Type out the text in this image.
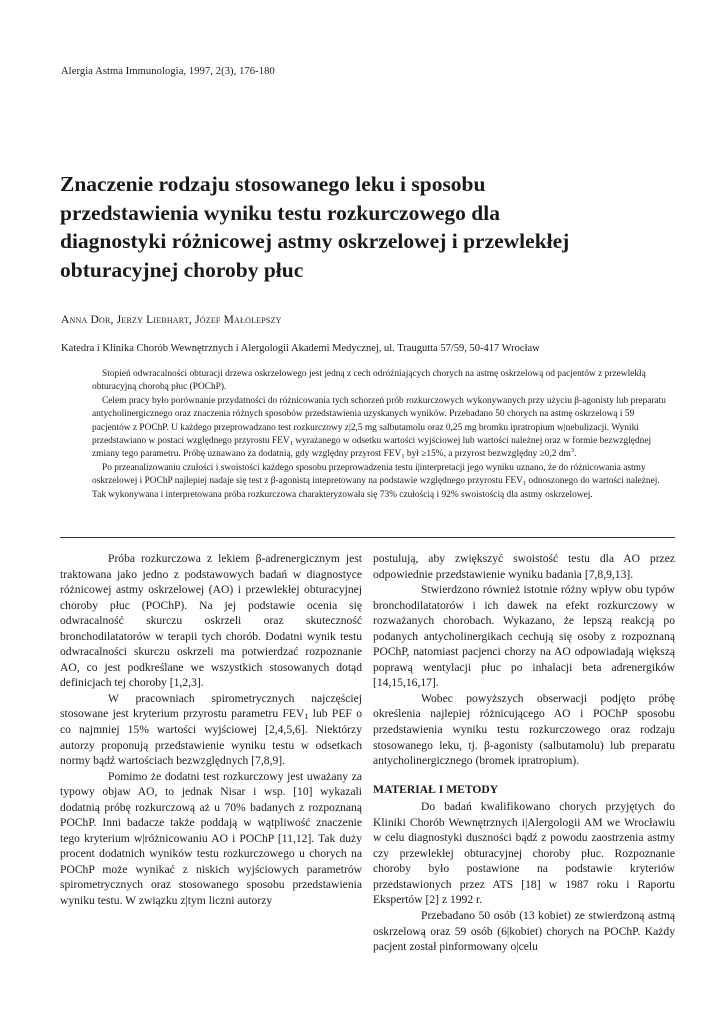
Alergia Astma Immunologia, 1997, 2(3), 176-180
Znaczenie rodzaju stosowanego leku i sposobu
przedstawienia wyniku testu rozkurczowego dla
diagnostyki różnicowej astmy oskrzelowej i przewlekłej
obturacyjnej choroby płuc
Anna Dor, Jerzy Liebhart, Józef Małolepszy
Katedra i Klinika Chorób Wewnętrznych i Alergologii Akademi Medycznej, ul. Traugutta 57/59, 50-417 Wrocław

Stopień odwracalności obturacji drzewa oskrzelowego jest jedną z cech odróżniających chorych na astmę oskrzelową od pacjentów z przewlekłą obturacyjną chorobą płuc (POChP).

Celem pracy było porównanie przydatności do różnicowania tych schorzeń prób rozkurczowych wykonywanych przy użyciu β-agonisty lub preparatu antycholinergicznego oraz znaczenia różnych sposobów przedstawienia uzyskanych wyników. Przebadano 50 chorych na astmę oskrzelową i 59 pacjentów z POChP. U każdego przeprowadzano test rozkurczowy z|2,5 mg salbutamolu oraz 0,25 mg bromku ipratropium w|nebulizacji. Wyniki przedstawiano w postaci względnego przyrostu $FEV_1$ wyrażanego w odsetku wartości wyjściowej lub wartości należnej oraz w formie bezwzględnej zmiany tego parametru. Próbę uznawano za dodatnią, gdy względny przyrost $FEV_1$ był ≥15%, a przyrost bezwzględny ≥0,2 $dm^3$.

Po przeanalizowaniu czułości i swoistości każdego sposobu przeprowadzenia testu i|interpretacji jego wyniku uznano, że do różnicowania astmy oskrzelowej i POChP najlepiej nadaje się test z β-agonistą intepretowany na podstawie względnego przyrostu $FEV_1$ odnoszonego do wartości należnej. Tak wykonywana i interpretowana próba rozkurczowa charakteryzowała się 73% czułością i 92% swoistością dla astmy oskrzelowej.

Próba rozkurczowa z lekiem β-adrenergicznym jest traktowana jako jedno z podstawowych badań w diagnostyce różnicowej astmy oskrzelowej (AO) i przewlekłej obturacyjnej choroby płuc (POChP). Na jej podstawie ocenia się odwracalność skurczu oskrzeli oraz skuteczność bronchodilatatorów w terapii tych chorób. Dodatni wynik testu odwracalności skurczu oskrzeli ma potwierdzać rozpoznanie AO, co jest podkreślane we wszystkich stosowanych dotąd definicjach tej choroby [1,2,3].

W pracowniach spirometrycznych najczęściej stosowane jest kryterium przyrostu parametru $FEV_1$ lub PEF o co najmniej 15% wartości wyjściowej [2,4,5,6]. Niektórzy autorzy proponują przedstawienie wyniku testu w odsetkach normy bądź wartościach bezwzględnych [7,8,9].

Pomimo że dodatni test rozkurczowy jest uważany za typowy objaw AO, to jednak Nisar i wsp. [10] wykazali dodatnią próbę rozkurczową aż u 70% badanych z rozpoznaną POChP. Inni badacze także poddają w wątpliwość znaczenie tego kryterium w|różnicowaniu AO i POChP [11,12]. Tak duży procent dodatnich wyników testu rozkurczowego u chorych na POChP może wynikać z niskich wyjściowych parametrów spirometrycznych oraz stosowanego sposobu przedstawienia wyniku testu. W związku z|tym liczni autorzy

postulują, aby zwiększyć swoistość testu dla AO przez odpowiednie przedstawienie wyniku badania [7,8,9,13].

Stwierdzono również istotnie różny wpływ obu typów bronchodilatatorów i ich dawek na efekt rozkurczowy w rozważanych chorobach. Wykazano, że lepszą reakcją po podanych antycholinergikach cechują się osoby z rozpoznaną POChP, natomiast pacjenci chorzy na AO odpowiadają większą poprawą wentylacji płuc po inhalacji beta adrenergików [14,15,16,17].

Wobec powyższych obserwacji podjęto próbę określenia najlepiej różnicującego AO i POChP sposobu przedstawienia wyniku testu rozkurczowego oraz rodzaju stosowanego leku, tj. β-agonisty (salbutamolu) lub preparatu antycholinergicznego (bromek ipratropium).

MATERIAŁ I METODY

Do badań kwalifikowano chorych przyjętych do Kliniki Chorób Wewnętrznych i|Alergologii AM we Wrocławiu w celu diagnostyki duszności bądź z powodu zaostrzenia astmy czy przewlekłej obturacyjnej choroby płuc. Rozpoznanie choroby było postawione na podstawie kryteriów przedstawionych przez ATS [18] w 1987 roku i Raportu Ekspertów [2] z 1992 r.

Przebadano 50 osób (13 kobiet) ze stwierdzoną astmą oskrzelową oraz 59 osób (6|kobiet) chorych na POChP. Każdy pacjent został pinformowany o|celu
